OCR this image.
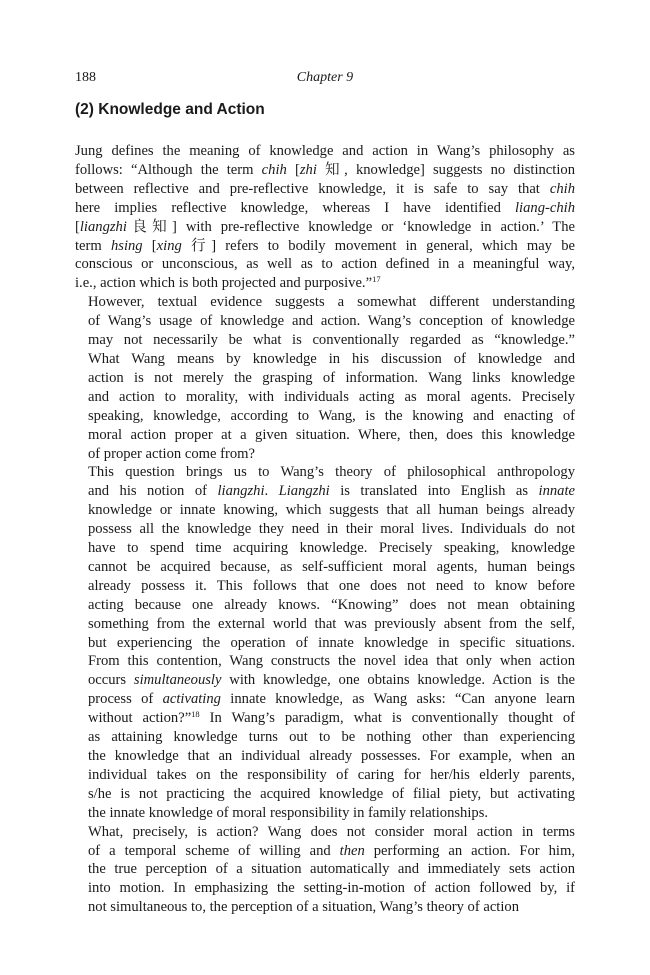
188	Chapter 9
(2) Knowledge and Action

Jung defines the meaning of knowledge and action in Wang’s philosophy as
follows: “Although the term chih [zhi 知, knowledge] suggests no distinction
between reflective and pre-reflective knowledge, it is safe to say that chih
here implies reflective knowledge, whereas I have identified liang-chih
[liangzhi良知] with pre-reflective knowledge or ‘knowledge in action.’ The
term hsing [xing 行] refers to bodily movement in general, which may be
conscious or unconscious, as well as to action defined in a meaningful way,
i.e., action which is both projected and purposive.”$^{17}$

However, textual evidence suggests a somewhat different understanding
of Wang’s usage of knowledge and action. Wang’s conception of knowledge
may not necessarily be what is conventionally regarded as “knowledge.”
What Wang means by knowledge in his discussion of knowledge and
action is not merely the grasping of information. Wang links knowledge
and action to morality, with individuals acting as moral agents. Precisely
speaking, knowledge, according to Wang, is the knowing and enacting of
moral action proper at a given situation. Where, then, does this knowledge
of proper action come from?

This question brings us to Wang’s theory of philosophical anthropology
and his notion of liangzhi. Liangzhi is translated into English as innate
knowledge or innate knowing, which suggests that all human beings already
possess all the knowledge they need in their moral lives. Individuals do not
have to spend time acquiring knowledge. Precisely speaking, knowledge
cannot be acquired because, as self-sufficient moral agents, human beings
already possess it. This follows that one does not need to know before
acting because one already knows. “Knowing” does not mean obtaining
something from the external world that was previously absent from the self,
but experiencing the operation of innate knowledge in specific situations.
From this contention, Wang constructs the novel idea that only when action
occurs simultaneously with knowledge, one obtains knowledge. Action is the
process of activating innate knowledge, as Wang asks: “Can anyone learn
without action?”$^{18}$ In Wang’s paradigm, what is conventionally thought of
as attaining knowledge turns out to be nothing other than experiencing
the knowledge that an individual already possesses. For example, when an
individual takes on the responsibility of caring for her/his elderly parents,
s/he is not practicing the acquired knowledge of filial piety, but activating
the innate knowledge of moral responsibility in family relationships.

What, precisely, is action? Wang does not consider moral action in terms
of a temporal scheme of willing and then performing an action. For him,
the true perception of a situation automatically and immediately sets action
into motion. In emphasizing the setting-in-motion of action followed by, if
not simultaneous to, the perception of a situation, Wang’s theory of action
